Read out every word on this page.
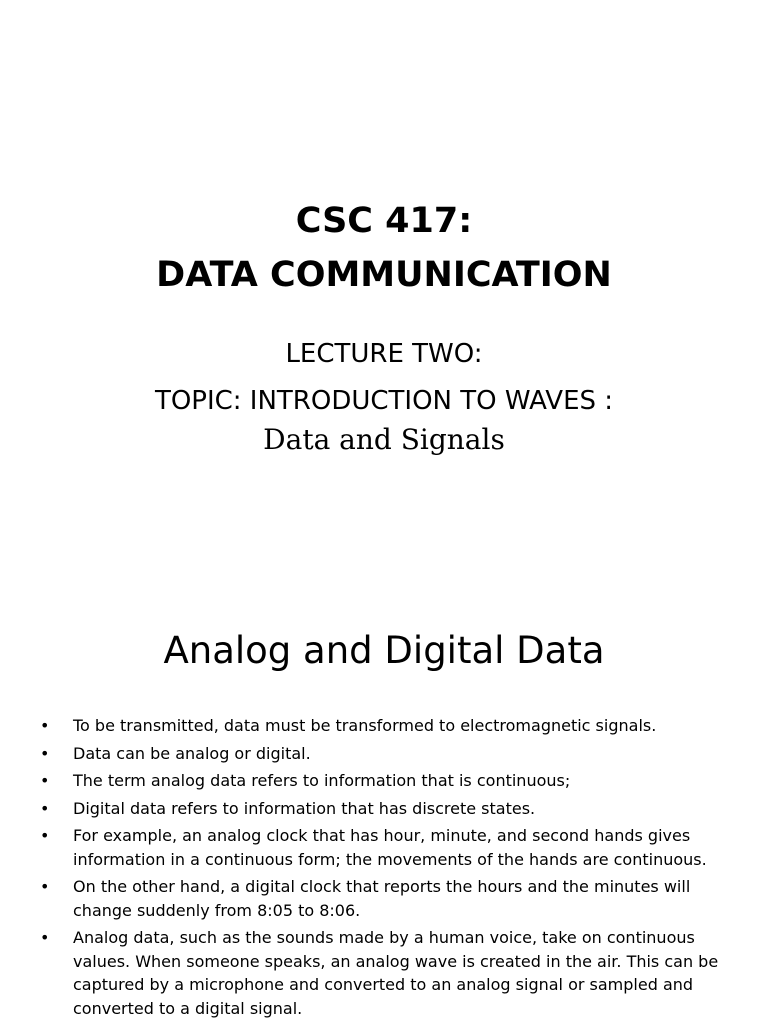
CSC 417:
DATA COMMUNICATION
LECTURE TWO:
TOPIC: INTRODUCTION TO WAVES :
Data and Signals
Analog and Digital Data
• To be transmitted, data must be transformed to electromagnetic signals.
• Data can be analog or digital.
• The term analog data refers to information that is continuous;
• Digital data refers to information that has discrete states.
• For example, an analog clock that has hour, minute, and second hands gives information in a continuous form; the movements of the hands are continuous.
• On the other hand, a digital clock that reports the hours and the minutes will change suddenly from 8:05 to 8:06.
• Analog data, such as the sounds made by a human voice, take on continuous values. When someone speaks, an analog wave is created in the air. This can be captured by a microphone and converted to an analog signal or sampled and converted to a digital signal.
